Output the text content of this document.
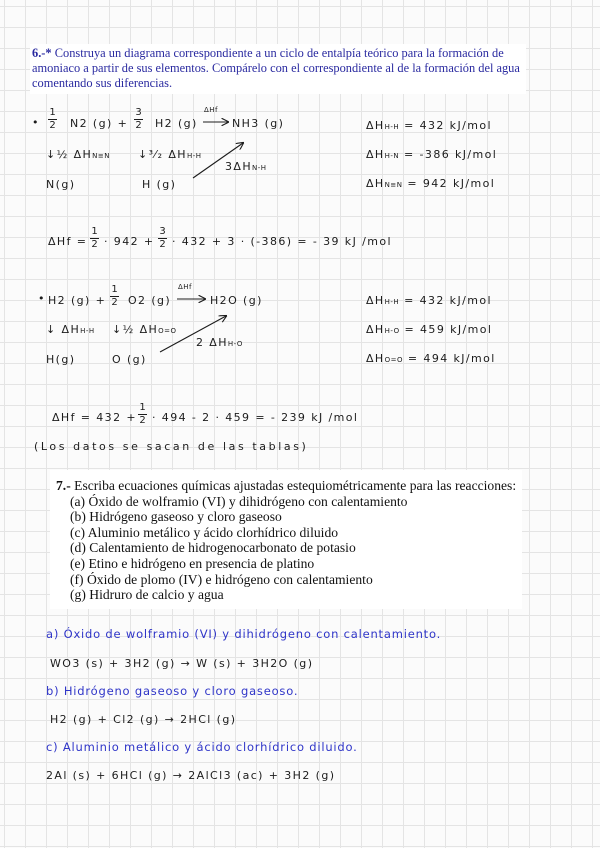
6.-* Construya un diagrama correspondiente a un ciclo de entalpía teórico para la formación de amoniaco a partir de sus elementos. Compárelo con el correspondiente al de la formación del agua comentando sus diferencias.
•
1
2 N2 (g) +
3
2 H2 (g)
ΔHf
NH3 (g)
↓½ ΔHN≡N	↓³⁄₂ ΔHH-H
3ΔHN-H
N(g)	H (g)
ΔHH-H = 432 kJ/mol
ΔHH-N = -386 kJ/mol
ΔHN≡N = 942 kJ/mol
ΔHf =
1
2 · 942 +
3
2 · 432 + 3 · (-386) = - 39 kJ /mol
• H2 (g) +
1
2 O2 (g)
ΔHf
H2O (g)
↓ ΔHH-H ↓½ ΔHO=O
2 ΔHH-O
H(g)	O (g)
ΔHH-H = 432 kJ/mol
ΔHH-O = 459 kJ/mol
ΔHO=O = 494 kJ/mol
ΔHf = 432 +
1
2 · 494 - 2 · 459 = - 239 kJ /mol
(Los datos se sacan de las tablas)
7.- Escriba ecuaciones químicas ajustadas estequiométricamente para las reacciones:
(a) Óxido de wolframio (VI) y dihidrógeno con calentamiento
(b) Hidrógeno gaseoso y cloro gaseoso
(c) Aluminio metálico y ácido clorhídrico diluido
(d) Calentamiento de hidrogenocarbonato de potasio
(e) Etino e hidrógeno en presencia de platino
(f) Óxido de plomo (IV) e hidrógeno con calentamiento
(g) Hidruro de calcio y agua
a) Óxido de wolframio (VI) y dihidrógeno con calentamiento.
WO3 (s) + 3H2 (g) → W (s) + 3H2O (g)
b) Hidrógeno gaseoso y cloro gaseoso.
H2 (g) + Cl2 (g) → 2HCl (g)
c) Aluminio metálico y ácido clorhídrico diluido.
2Al (s) + 6HCl (g) → 2AlCl3 (ac) + 3H2 (g)
